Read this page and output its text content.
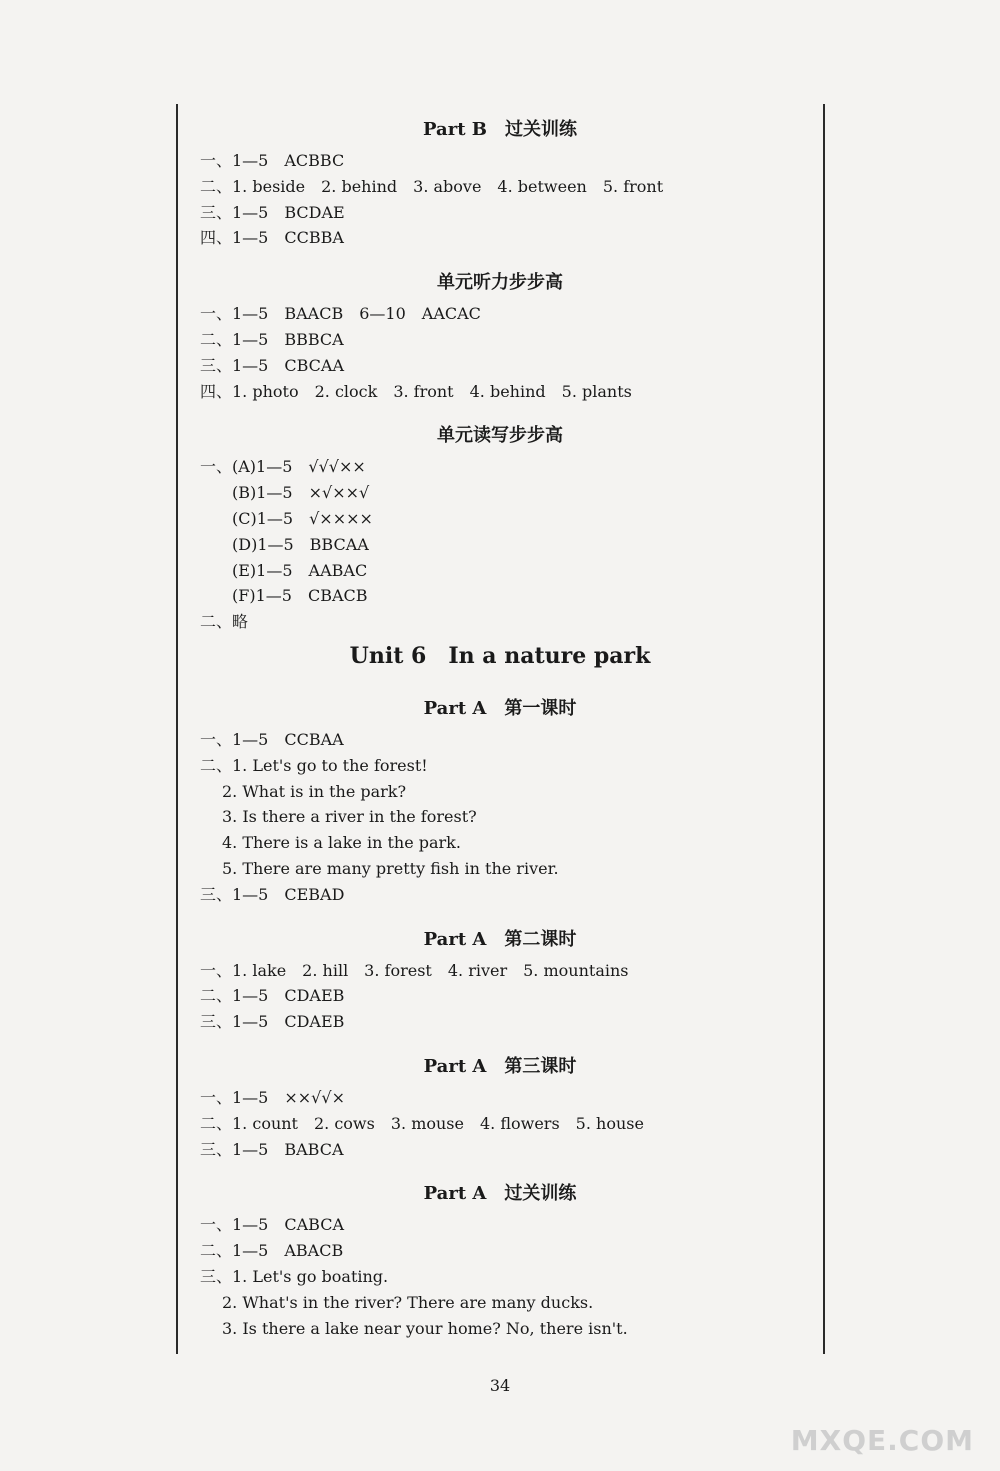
Part B　过关训练
一、1—5　ACBBC
二、1. beside　2. behind　3. above　4. between　5. front
三、1—5　BCDAE
四、1—5　CCBBA
单元听力步步高
一、1—5　BAACB　6—10　AACAC
二、1—5　BBBCA
三、1—5　CBCAA
四、1. photo　2. clock　3. front　4. behind　5. plants
单元读写步步高
一、(A)1—5　√√√××
(B)1—5　×√××√
(C)1—5　√××××
(D)1—5　BBCAA
(E)1—5　AABAC
(F)1—5　CBACB
二、略
Unit 6　In a nature park
Part A　第一课时
一、1—5　CCBAA
二、1. Let's go to the forest!
2. What is in the park?
3. Is there a river in the forest?
4. There is a lake in the park.
5. There are many pretty fish in the river.
三、1—5　CEBAD
Part A　第二课时
一、1. lake　2. hill　3. forest　4. river　5. mountains
二、1—5　CDAEB
三、1—5　CDAEB
Part A　第三课时
一、1—5　××√√×
二、1. count　2. cows　3. mouse　4. flowers　5. house
三、1—5　BABCA
Part A　过关训练
一、1—5　CABCA
二、1—5　ABACB
三、1. Let's go boating.
2. What's in the river? There are many ducks.
3. Is there a lake near your home? No, there isn't.
34
MXQE.COM
